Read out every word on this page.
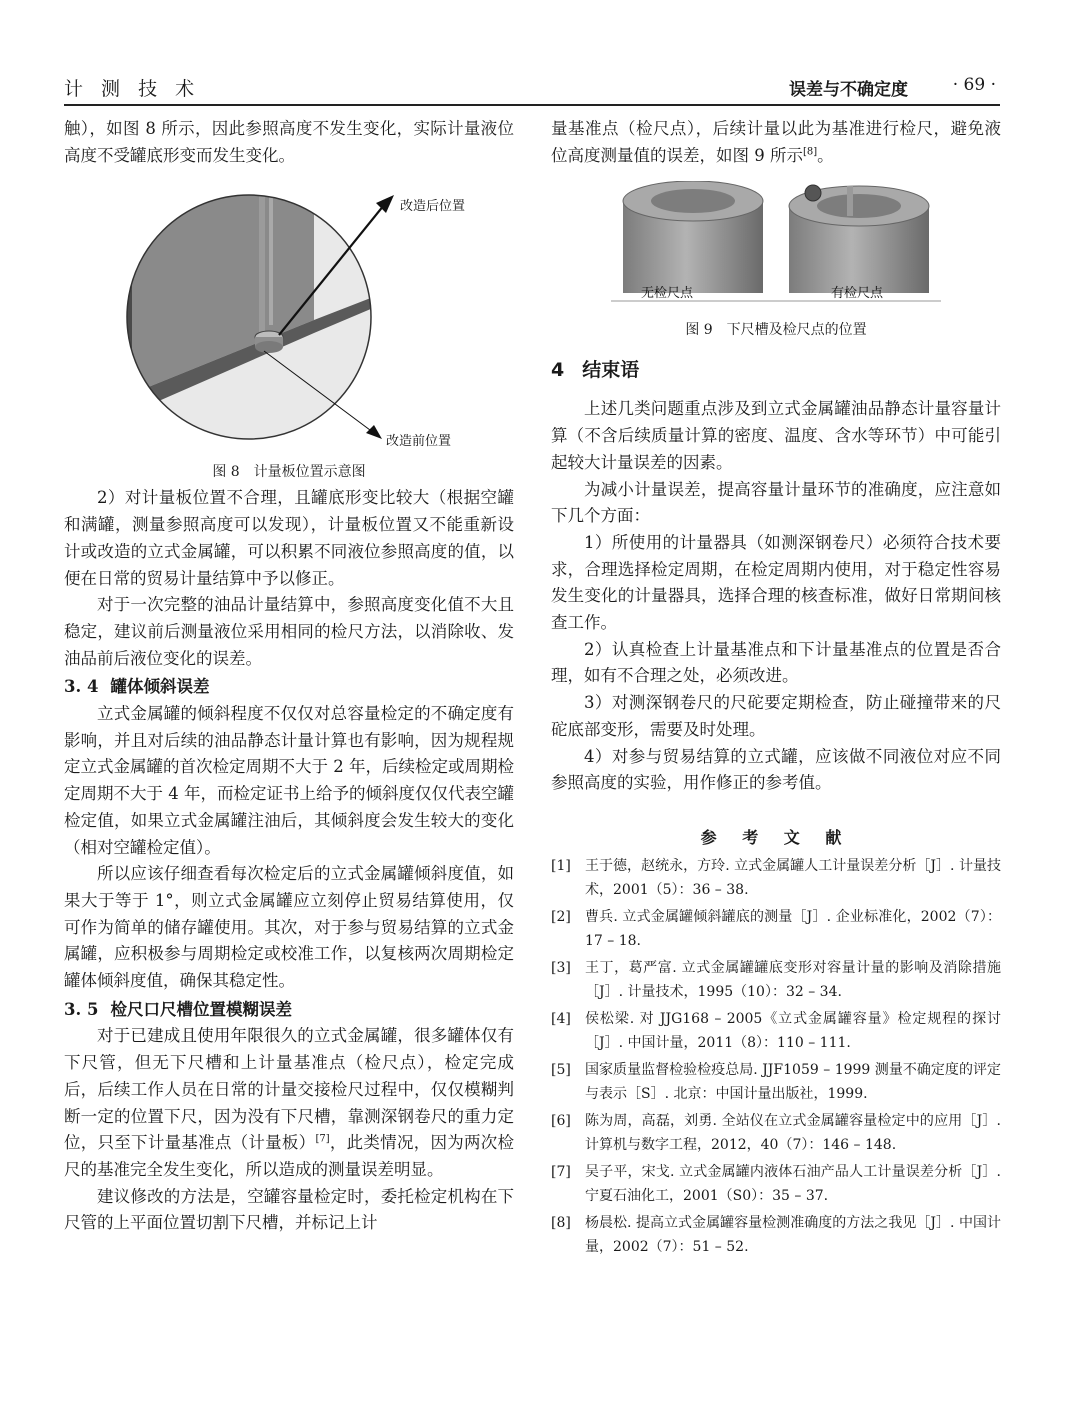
计 测 技 术	误差与不确定度	· 69 ·

触），如图 8 所示，因此参照高度不发生变化，实际计量液位高度不受罐底形变而发生变化。

改造后位置
改造前位置
图 8　计量板位置示意图

2）对计量板位置不合理，且罐底形变比较大（根据空罐和满罐，测量参照高度可以发现），计量板位置又不能重新设计或改造的立式金属罐，可以积累不同液位参照高度的值，以便在日常的贸易计量结算中予以修正。

对于一次完整的油品计量结算中，参照高度变化值不大且稳定，建议前后测量液位采用相同的检尺方法，以消除收、发油品前后液位变化的误差。

3. 4 罐体倾斜误差

立式金属罐的倾斜程度不仅仅对总容量检定的不确定度有影响，并且对后续的油品静态计量计算也有影响，因为规程规定立式金属罐的首次检定周期不大于 2 年，后续检定或周期检定周期不大于 4 年，而检定证书上给予的倾斜度仅仅代表空罐检定值，如果立式金属罐注油后，其倾斜度会发生较大的变化（相对空罐检定值）。

所以应该仔细查看每次检定后的立式金属罐倾斜度值，如果大于等于 1°，则立式金属罐应立刻停止贸易结算使用，仅可作为简单的储存罐使用。其次，对于参与贸易结算的立式金属罐，应积极参与周期检定或校准工作，以复核两次周期检定罐体倾斜度值，确保其稳定性。

3. 5 检尺口尺槽位置模糊误差

对于已建成且使用年限很久的立式金属罐，很多罐体仅有下尺管，但无下尺槽和上计量基准点（检尺点），检定完成后，后续工作人员在日常的计量交接检尺过程中，仅仅模糊判断一定的位置下尺，因为没有下尺槽，靠测深钢卷尺的重力定位，只至下计量基准点（计量板）[7]，此类情况，因为两次检尺的基准完全发生变化，所以造成的测量误差明显。

建议修改的方法是，空罐容量检定时，委托检定机构在下尺管的上平面位置切割下尺槽，并标记上计

量基准点（检尺点），后续计量以此为基准进行检尺，避免液位高度测量值的误差，如图 9 所示[8]。

无检尺点	有检尺点
图 9　下尺槽及检尺点的位置
4 结束语

上述几类问题重点涉及到立式金属罐油品静态计量容量计算（不含后续质量计算的密度、温度、含水等环节）中可能引起较大计量误差的因素。

为减小计量误差，提高容量计量环节的准确度，应注意如下几个方面：

1）所使用的计量器具（如测深钢卷尺）必须符合技术要求，合理选择检定周期，在检定周期内使用，对于稳定性容易发生变化的计量器具，选择合理的核查标准，做好日常期间核查工作。

2）认真检查上计量基准点和下计量基准点的位置是否合理，如有不合理之处，必须改进。

3）对测深钢卷尺的尺砣要定期检查，防止碰撞带来的尺砣底部变形，需要及时处理。

4）对参与贸易结算的立式罐，应该做不同液位对应不同参照高度的实验，用作修正的参考值。

参 考 文 献
[1] 王于德，赵统永，方玲. 立式金属罐人工计量误差分析［J］. 计量技术，2001（5）：36 – 38.
[2] 曹兵. 立式金属罐倾斜罐底的测量［J］. 企业标准化，2002（7）：17 – 18.
[3] 王丁，葛严富. 立式金属罐罐底变形对容量计量的影响及消除措施［J］. 计量技术，1995（10）：32 – 34.
[4] 侯松梁. 对 JJG168 – 2005《立式金属罐容量》检定规程的探讨［J］. 中国计量，2011（8）：110 – 111.
[5] 国家质量监督检验检疫总局. JJF1059 – 1999 测量不确定度的评定与表示［S］. 北京：中国计量出版社，1999.
[6] 陈为周，高磊，刘勇. 全站仪在立式金属罐容量检定中的应用［J］. 计算机与数字工程，2012，40（7）：146 – 148.
[7] 吴子平，宋戈. 立式金属罐内液体石油产品人工计量误差分析［J］. 宁夏石油化工，2001（S0）：35 – 37.
[8] 杨晨松. 提高立式金属罐容量检测准确度的方法之我见［J］. 中国计量，2002（7）：51 – 52.
